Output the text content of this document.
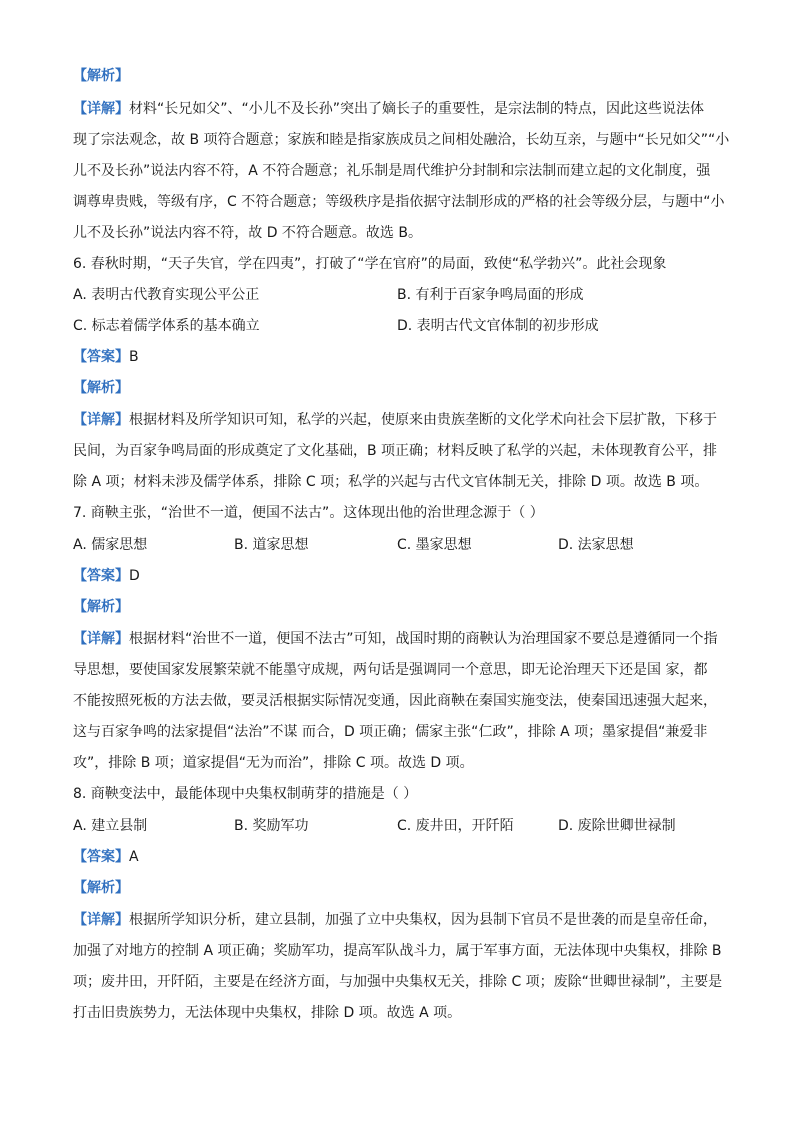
【解析】
【详解】材料“长兄如父”、“小儿不及长孙”突出了嫡长子的重要性，是宗法制的特点，因此这些说法体
现了宗法观念，故 B 项符合题意；家族和睦是指家族成员之间相处融洽，长幼互亲，与题中“长兄如父”“小
儿不及长孙”说法内容不符，A 不符合题意；礼乐制是周代维护分封制和宗法制而建立起的文化制度，强
调尊卑贵贱，等级有序，C 不符合题意；等级秩序是指依据守法制形成的严格的社会等级分层，与题中“小
儿不及长孙”说法内容不符，故 D 不符合题意。故选 B。
6. 春秋时期，“天子失官，学在四夷”，打破了“学在官府”的局面，致使“私学勃兴”。此社会现象
A. 表明古代教育实现公平公正	B. 有利于百家争鸣局面的形成
C. 标志着儒学体系的基本确立	D. 表明古代文官体制的初步形成
【答案】B
【解析】
【详解】根据材料及所学知识可知，私学的兴起，使原来由贵族垄断的文化学术向社会下层扩散，下移于
民间，为百家争鸣局面的形成奠定了文化基础，B 项正确；材料反映了私学的兴起，未体现教育公平，排
除 A 项；材料未涉及儒学体系，排除 C 项；私学的兴起与古代文官体制无关，排除 D 项。故选 B 项。
7. 商鞅主张，“治世不一道，便国不法古”。这体现出他的治世理念源于（ ）
A. 儒家思想	B. 道家思想	C. 墨家思想	D. 法家思想
【答案】D
【解析】
【详解】根据材料“治世不一道，便国不法古”可知，战国时期的商鞅认为治理国家不要总是遵循同一个指
导思想，要使国家发展繁荣就不能墨守成规，两句话是强调同一个意思，即无论治理天下还是国 家，都
不能按照死板的方法去做，要灵活根据实际情况变通，因此商鞅在秦国实施变法，使秦国迅速强大起来，
这与百家争鸣的法家提倡“法治”不谋 而合，D 项正确；儒家主张“仁政”，排除 A 项；墨家提倡“兼爱非
攻”，排除 B 项；道家提倡“无为而治”，排除 C 项。故选 D 项。
8. 商鞅变法中，最能体现中央集权制萌芽的措施是（ ）
A. 建立县制	B. 奖励军功	C. 废井田，开阡陌	D. 废除世卿世禄制
【答案】A
【解析】
【详解】根据所学知识分析，建立县制，加强了立中央集权，因为县制下官员不是世袭的而是皇帝任命，
加强了对地方的控制 A 项正确；奖励军功，提高军队战斗力，属于军事方面，无法体现中央集权，排除 B
项；废井田，开阡陌，主要是在经济方面，与加强中央集权无关，排除 C 项；废除“世卿世禄制”，主要是
打击旧贵族势力，无法体现中央集权，排除 D 项。故选 A 项。
